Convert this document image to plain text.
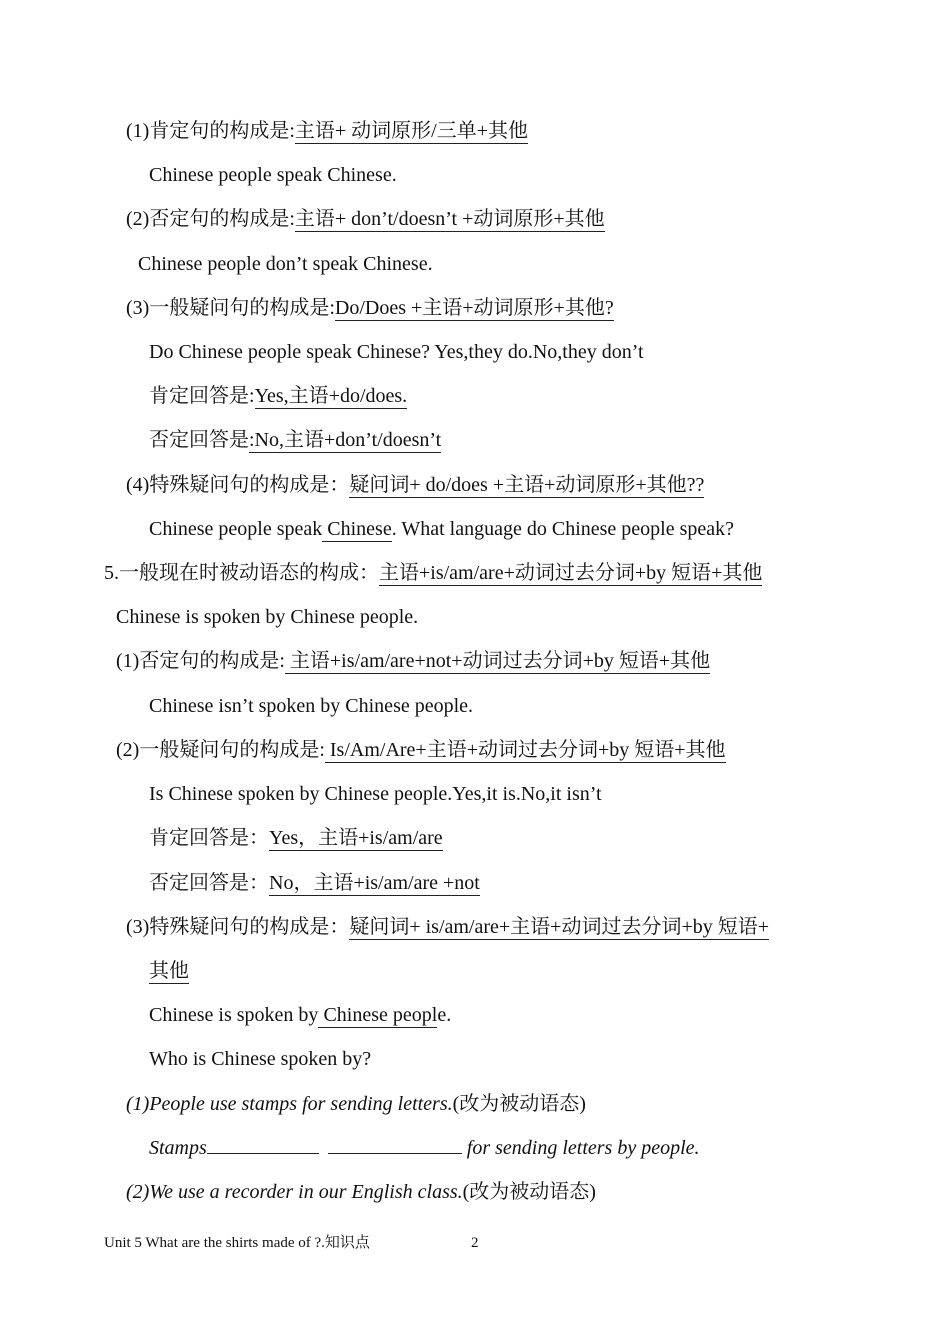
(1)肯定句的构成是:主语+ 动词原形/三单+其他
Chinese people speak Chinese.
(2)否定句的构成是:主语+ don’t/doesn’t +动词原形+其他
Chinese people don’t speak Chinese.
(3)一般疑问句的构成是:Do/Does +主语+动词原形+其他?
Do Chinese people speak Chinese? Yes,they do.No,they don’t
肯定回答是:Yes,主语+do/does.
否定回答是:No,主语+don’t/doesn’t
(4)特殊疑问句的构成是：疑问词+ do/does +主语+动词原形+其他??
Chinese people speak Chinese. What language do Chinese people speak?
5.一般现在时被动语态的构成：主语+is/am/are+动词过去分词+by 短语+其他
Chinese is spoken by Chinese people.
(1)否定句的构成是: 主语+is/am/are+not+动词过去分词+by 短语+其他
Chinese isn’t spoken by Chinese people.
(2)一般疑问句的构成是: Is/Am/Are+主语+动词过去分词+by 短语+其他
Is Chinese spoken by Chinese people.Yes,it is.No,it isn’t
肯定回答是：Yes，主语+is/am/are
否定回答是：No，主语+is/am/are +not
(3)特殊疑问句的构成是：疑问词+ is/am/are+主语+动词过去分词+by 短语+
其他
Chinese is spoken by Chinese people.
Who is Chinese spoken by?
(1)People use stamps for sending letters.(改为被动语态)
Stamps	for sending letters by people.
(2)We use a recorder in our English class.(改为被动语态)
Unit 5 What are the shirts made of ?.知识点	2
